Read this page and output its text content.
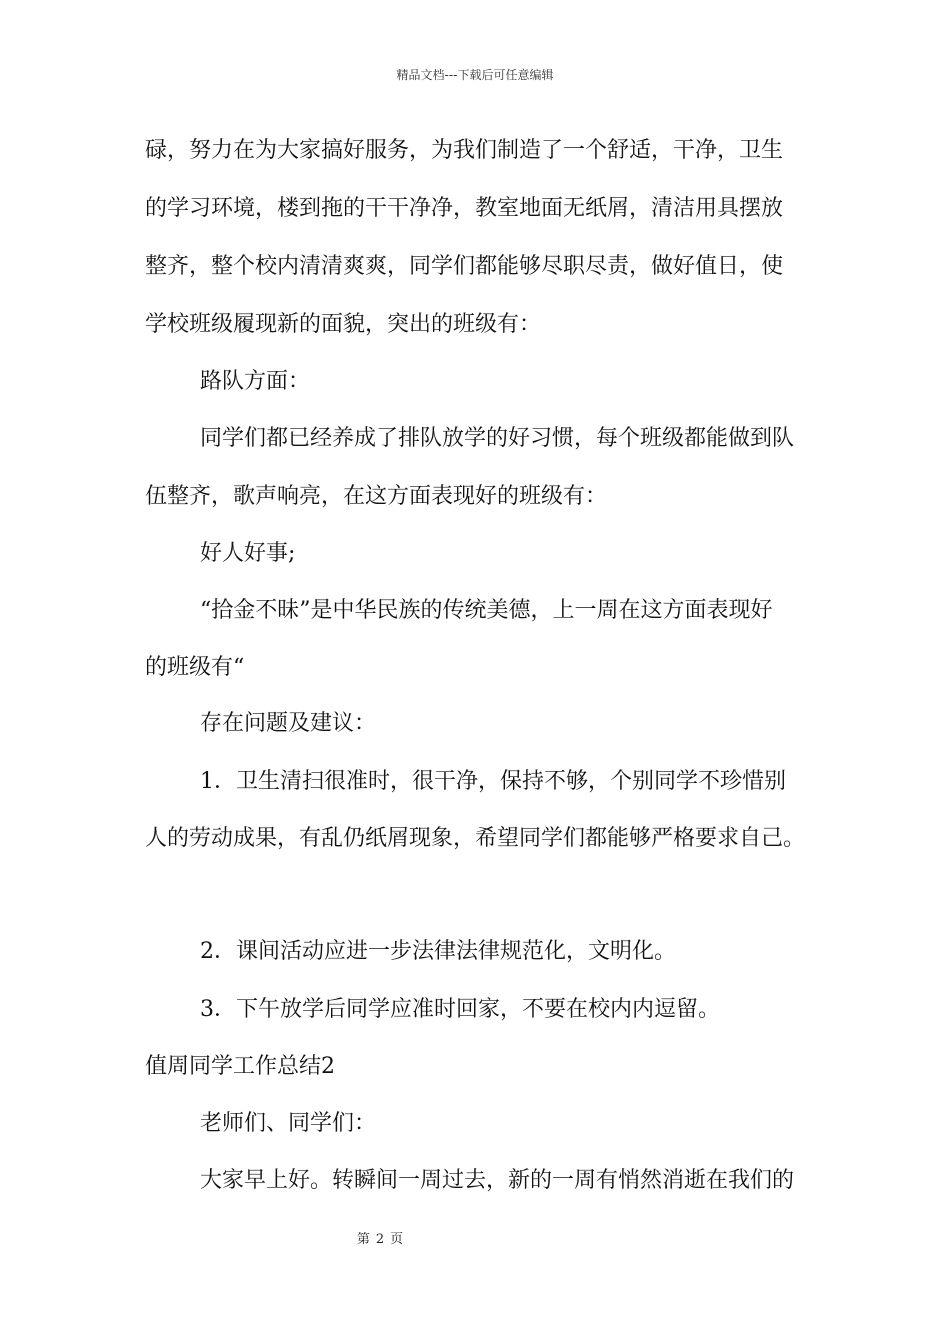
精品文档---下载后可任意编辑
碌，努力在为大家搞好服务，为我们制造了一个舒适，干净，卫生
的学习环境，楼到拖的干干净净，教室地面无纸屑，清洁用具摆放
整齐，整个校内清清爽爽，同学们都能够尽职尽责，做好值日，使
学校班级履现新的面貌，突出的班级有：
路队方面：
同学们都已经养成了排队放学的好习惯，每个班级都能做到队
伍整齐，歌声响亮，在这方面表现好的班级有：
好人好事;
“拾金不昧”是中华民族的传统美德，上一周在这方面表现好
的班级有“
存在问题及建议：
1．卫生清扫很准时，很干净，保持不够，个别同学不珍惜别
人的劳动成果，有乱仍纸屑现象，希望同学们都能够严格要求自己。
2．课间活动应进一步法律法律规范化，文明化。
3．下午放学后同学应准时回家，不要在校内内逗留。
值周同学工作总结2
老师们、同学们：
大家早上好。转瞬间一周过去，新的一周有悄然消逝在我们的
第 2 页
